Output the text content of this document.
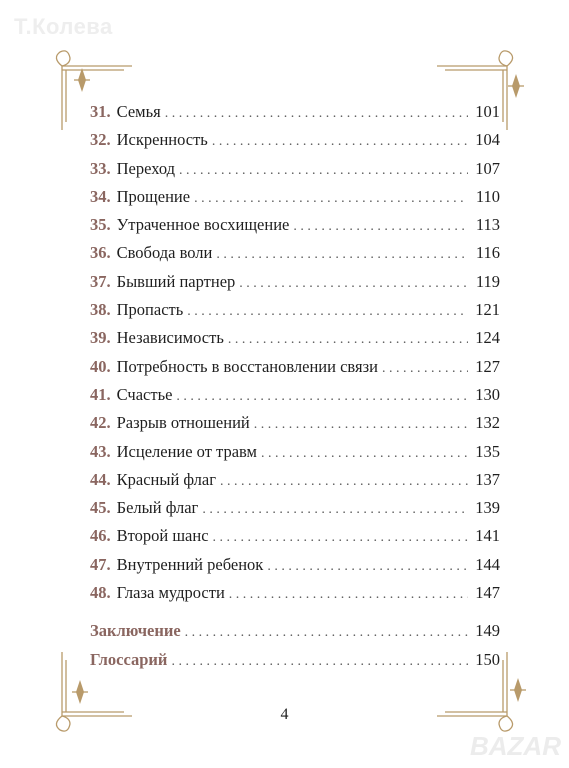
Т.Колева
31. Семья . . .	101
32. Искренность . . .	104
33. Переход . . .	107
34. Прощение . . .	110
35. Утраченное восхищение . . .	113
36. Свобода воли . . .	116
37. Бывший партнер . . .	119
38. Пропасть . . .	121
39. Независимость . . .	124
40. Потребность в восстановлении связи . . .	127
41. Счастье . . .	130
42. Разрыв отношений . . .	132
43. Исцеление от травм . . .	135
44. Красный флаг . . .	137
45. Белый флаг . . .	139
46. Второй шанс . . .	141
47. Внутренний ребенок . . .	144
48. Глаза мудрости . . .	147
Заключение . . .	149
Глоссарий . . .	150
4
BAZAR
